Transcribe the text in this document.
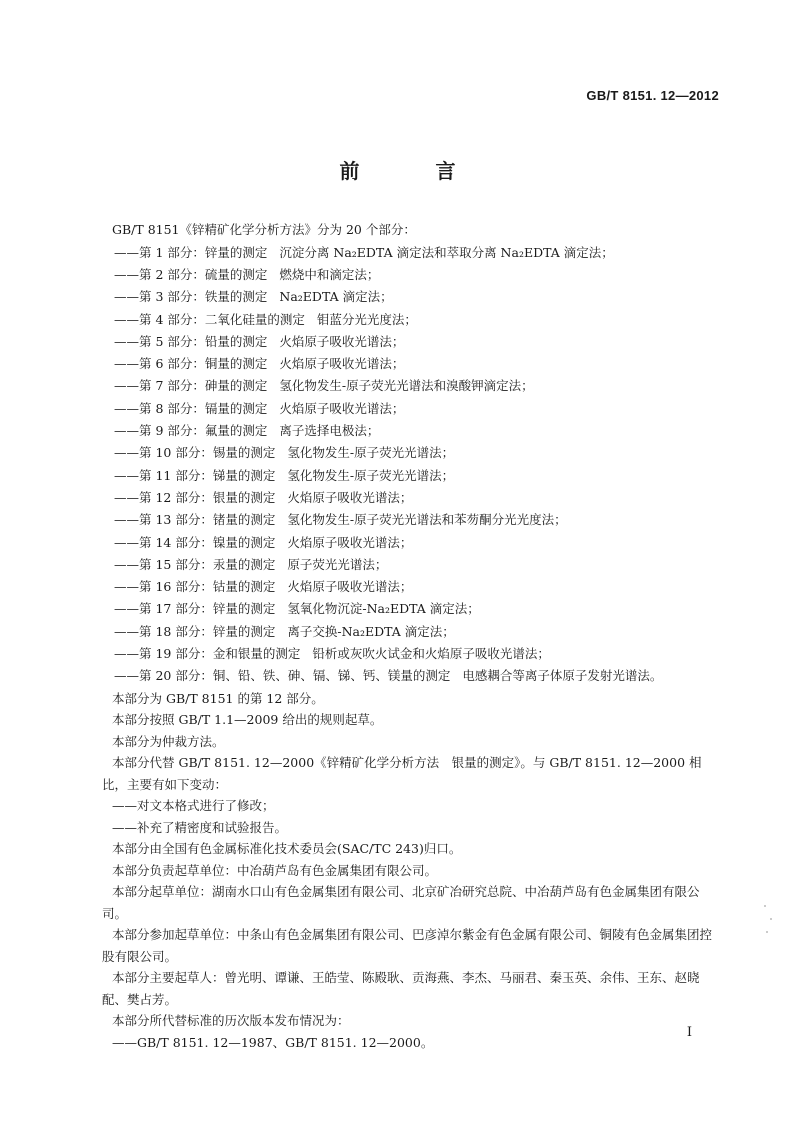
GB/T 8151. 12—2012
前　言
GB/T 8151《锌精矿化学分析方法》分为 20 个部分：
——第 1 部分：锌量的测定 沉淀分离 Na₂EDTA 滴定法和萃取分离 Na₂EDTA 滴定法；
——第 2 部分：硫量的测定 燃烧中和滴定法；
——第 3 部分：铁量的测定 Na₂EDTA 滴定法；
——第 4 部分：二氧化硅量的测定 钼蓝分光光度法；
——第 5 部分：铅量的测定 火焰原子吸收光谱法；
——第 6 部分：铜量的测定 火焰原子吸收光谱法；
——第 7 部分：砷量的测定 氢化物发生-原子荧光光谱法和溴酸钾滴定法；
——第 8 部分：镉量的测定 火焰原子吸收光谱法；
——第 9 部分：氟量的测定 离子选择电极法；
——第 10 部分：锡量的测定 氢化物发生-原子荧光光谱法；
——第 11 部分：锑量的测定 氢化物发生-原子荧光光谱法；
——第 12 部分：银量的测定 火焰原子吸收光谱法；
——第 13 部分：锗量的测定 氢化物发生-原子荧光光谱法和苯芴酮分光光度法；
——第 14 部分：镍量的测定 火焰原子吸收光谱法；
——第 15 部分：汞量的测定 原子荧光光谱法；
——第 16 部分：钴量的测定 火焰原子吸收光谱法；
——第 17 部分：锌量的测定 氢氧化物沉淀-Na₂EDTA 滴定法；
——第 18 部分：锌量的测定 离子交换-Na₂EDTA 滴定法；
——第 19 部分：金和银量的测定 铅析或灰吹火试金和火焰原子吸收光谱法；
——第 20 部分：铜、铅、铁、砷、镉、锑、钙、镁量的测定 电感耦合等离子体原子发射光谱法。
本部分为 GB/T 8151 的第 12 部分。
本部分按照 GB/T 1.1—2009 给出的规则起草。
本部分为仲裁方法。
本部分代替 GB/T 8151. 12—2000《锌精矿化学分析方法　银量的测定》。与 GB/T 8151. 12—2000 相比，主要有如下变动：
——对文本格式进行了修改；
——补充了精密度和试验报告。
本部分由全国有色金属标准化技术委员会(SAC/TC 243)归口。
本部分负责起草单位：中冶葫芦岛有色金属集团有限公司。
本部分起草单位：湖南水口山有色金属集团有限公司、北京矿冶研究总院、中冶葫芦岛有色金属集团有限公司。
本部分参加起草单位：中条山有色金属集团有限公司、巴彦淖尔紫金有色金属有限公司、铜陵有色金属集团控股有限公司。
本部分主要起草人：曾光明、谭谦、王皓莹、陈殿耿、贡海燕、李杰、马丽君、秦玉英、余伟、王东、赵晓配、樊占芳。
本部分所代替标准的历次版本发布情况为：
——GB/T 8151. 12—1987、GB/T 8151. 12—2000。
I
